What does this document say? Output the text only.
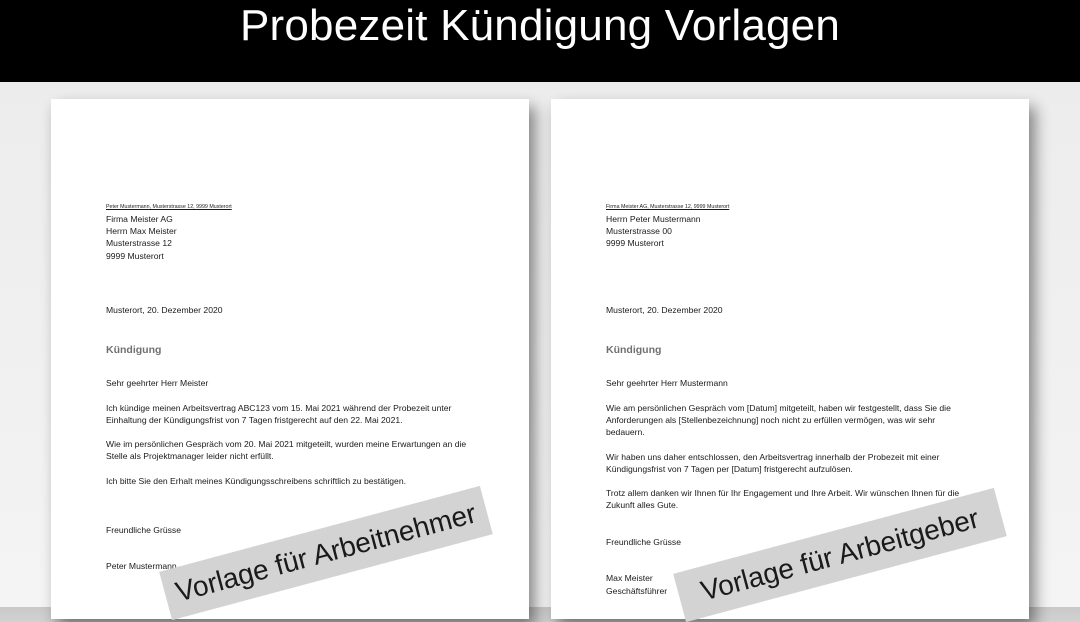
Probezeit Kündigung Vorlagen
Peter Mustermann, Musterstrasse 12, 9999 Musterort
Firma Meister AG
Herrn Max Meister
Musterstrasse 12
9999 Musterort
Musterort, 20. Dezember 2020
Kündigung
Sehr geehrter Herr Meister
Ich kündige meinen Arbeitsvertrag ABC123 vom 15. Mai 2021 während der Probezeit unter Einhaltung der Kündigungsfrist von 7 Tagen fristgerecht auf den 22. Mai 2021.
Wie im persönlichen Gespräch vom 20. Mai 2021 mitgeteilt, wurden meine Erwartungen an die Stelle als Projektmanager leider nicht erfüllt.
Ich bitte Sie den Erhalt meines Kündigungsschreibens schriftlich zu bestätigen.
Freundliche Grüsse
Peter Mustermann
Firma Meister AG, Musterstrasse 12, 9999 Musterort
Herrn Peter Mustermann
Musterstrasse 00
9999 Musterort
Musterort, 20. Dezember 2020
Kündigung
Sehr geehrter Herr Mustermann
Wie am persönlichen Gespräch vom [Datum] mitgeteilt, haben wir festgestellt, dass Sie die Anforderungen als [Stellenbezeichnung] noch nicht zu erfüllen vermögen, was wir sehr bedauern.
Wir haben uns daher entschlossen, den Arbeitsvertrag innerhalb der Probezeit mit einer Kündigungsfrist von 7 Tagen per [Datum] fristgerecht aufzulösen.
Trotz allem danken wir Ihnen für Ihr Engagement und Ihre Arbeit. Wir wünschen Ihnen für die Zukunft alles Gute.
Freundliche Grüsse
Max Meister
Geschäftsführer
Vorlage für Arbeitnehmer	Vorlage für Arbeitgeber
